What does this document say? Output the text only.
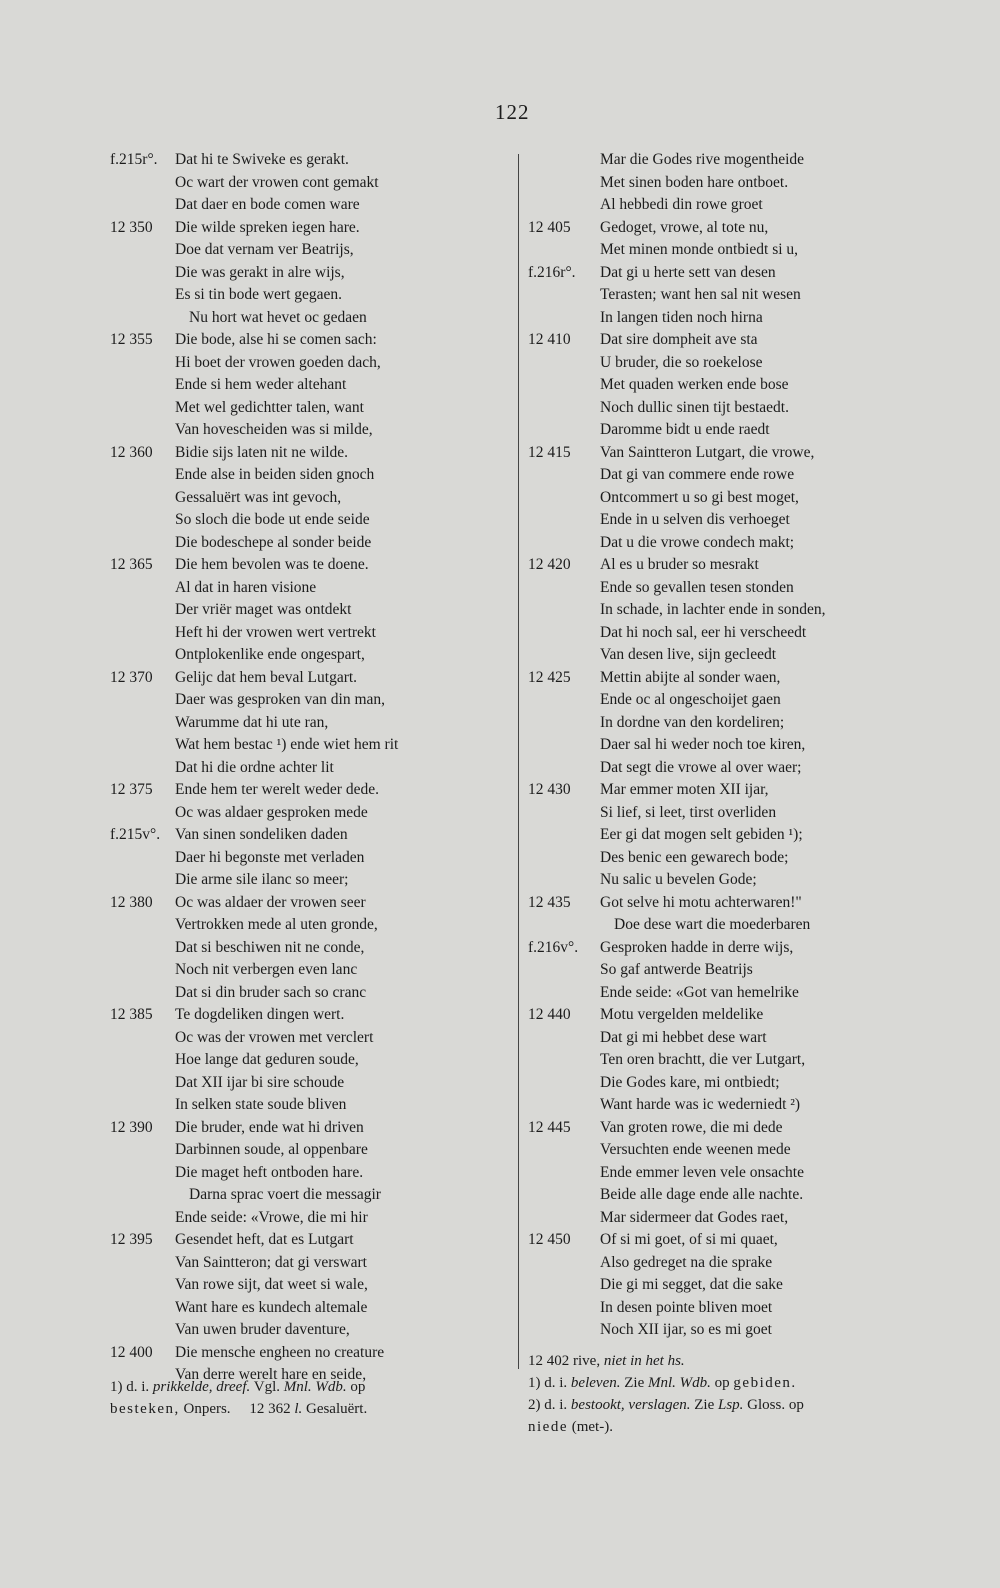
122
f.215r°. Dat hi te Swiveke es gerakt.
Oc wart der vrowen cont gemakt
Dat daer en bode comen ware
12 350 Die wilde spreken iegen hare.
Doe dat vernam ver Beatrijs,
Die was gerakt in alre wijs,
Es si tin bode wert gegaen.
Nu hort wat hevet oc gedaen
12 355 Die bode, alse hi se comen sach:
Hi boet der vrowen goeden dach,
Ende si hem weder altehant
Met wel gedichtter talen, want
Van hovescheiden was si milde,
12 360 Bidie sijs laten nit ne wilde.
Ende alse in beiden siden gnoch
Gessaluërt was int gevoch,
So sloch die bode ut ende seide
Die bodeschepe al sonder beide
12 365 Die hem bevolen was te doene.
Al dat in haren visione
Der vriër maget was ontdekt
Heft hi der vrowen wert vertrekt
Ontplokenlike ende ongespart,
12 370 Gelijc dat hem beval Lutgart.
Daer was gesproken van din man,
Warumme dat hi ute ran,
Wat hem bestac ¹) ende wiet hem rit
Dat hi die ordne achter lit
12 375 Ende hem ter werelt weder dede.
Oc was aldaer gesproken mede
f.215v°. Van sinen sondeliken daden
Daer hi begonste met verladen
Die arme sile ilanc so meer;
12 380 Oc was aldaer der vrowen seer
Vertrokken mede al uten gronde,
Dat si beschiwen nit ne conde,
Noch nit verbergen even lanc
Dat si din bruder sach so cranc
12 385 Te dogdeliken dingen wert.
Oc was der vrowen met verclert
Hoe lange dat geduren soude,
Dat XII ijar bi sire schoude
In selken state soude bliven
12 390 Die bruder, ende wat hi driven
Darbinnen soude, al oppenbare
Die maget heft ontboden hare.
Darna sprac voert die messagir
Ende seide: «Vrowe, die mi hir
12 395 Gesendet heft, dat es Lutgart
Van Saintteron; dat gi verswart
Van rowe sijt, dat weet si wale,
Want hare es kundech altemale
Van uwen bruder daventure,
12 400 Die mensche engheen no creature
Van derre werelt hare en seide,
Mar die Godes rive mogentheide
Met sinen boden hare ontboet.
Al hebbedi din rowe groet
12 405 Gedoget, vrowe, al tote nu,
Met minen monde ontbiedt si u,
f.216r°. Dat gi u herte sett van desen
Terasten; want hen sal nit wesen
In langen tiden noch hirna
12 410 Dat sire dompheit ave sta
U bruder, die so roekelose
Met quaden werken ende bose
Noch dullic sinen tijt bestaedt.
Daromme bidt u ende raedt
12 415 Van Saintteron Lutgart, die vrowe,
Dat gi van commere ende rowe
Ontcommert u so gi best moget,
Ende in u selven dis verhoeget
Dat u die vrowe condech makt;
12 420 Al es u bruder so mesrakt
Ende so gevallen tesen stonden
In schade, in lachter ende in sonden,
Dat hi noch sal, eer hi verscheedt
Van desen live, sijn gecleedt
12 425 Mettin abijte al sonder waen,
Ende oc al ongeschoijet gaen
In dordne van den kordeliren;
Daer sal hi weder noch toe kiren,
Dat segt die vrowe al over waer;
12 430 Mar emmer moten XII ijar,
Si lief, si leet, tirst overliden
Eer gi dat mogen selt gebiden ¹);
Des benic een gewarech bode;
Nu salic u bevelen Gode;
12 435 Got selve hi motu achterwaren!"
Doe dese wart die moederbaren
f.216v°. Gesproken hadde in derre wijs,
So gaf antwerde Beatrijs
Ende seide: «Got van hemelrike
12 440 Motu vergelden meldelike
Dat gi mi hebbet dese wart
Ten oren brachtt, die ver Lutgart,
Die Godes kare, mi ontbiedt;
Want harde was ic wederniedt ²)
12 445 Van groten rowe, die mi dede
Versuchten ende weenen mede
Ende emmer leven vele onsachte
Beide alle dage ende alle nachte.
Mar sidermeer dat Godes raet,
12 450 Of si mi goet, of si mi quaet,
Also gedreget na die sprake
Die gi mi segget, dat die sake
In desen pointe bliven moet
Noch XII ijar, so es mi goet

1) d. i. prikkelde, dreef. Vgl. Mnl. Wdb. op

besteken, Onpers. 12 362 l. Gesaluërt.

12 402 rive, niet in het hs.

1) d. i. beleven. Zie Mnl. Wdb. op gebiden.

2) d. i. bestookt, verslagen. Zie Lsp. Gloss. op

niede (met-).
